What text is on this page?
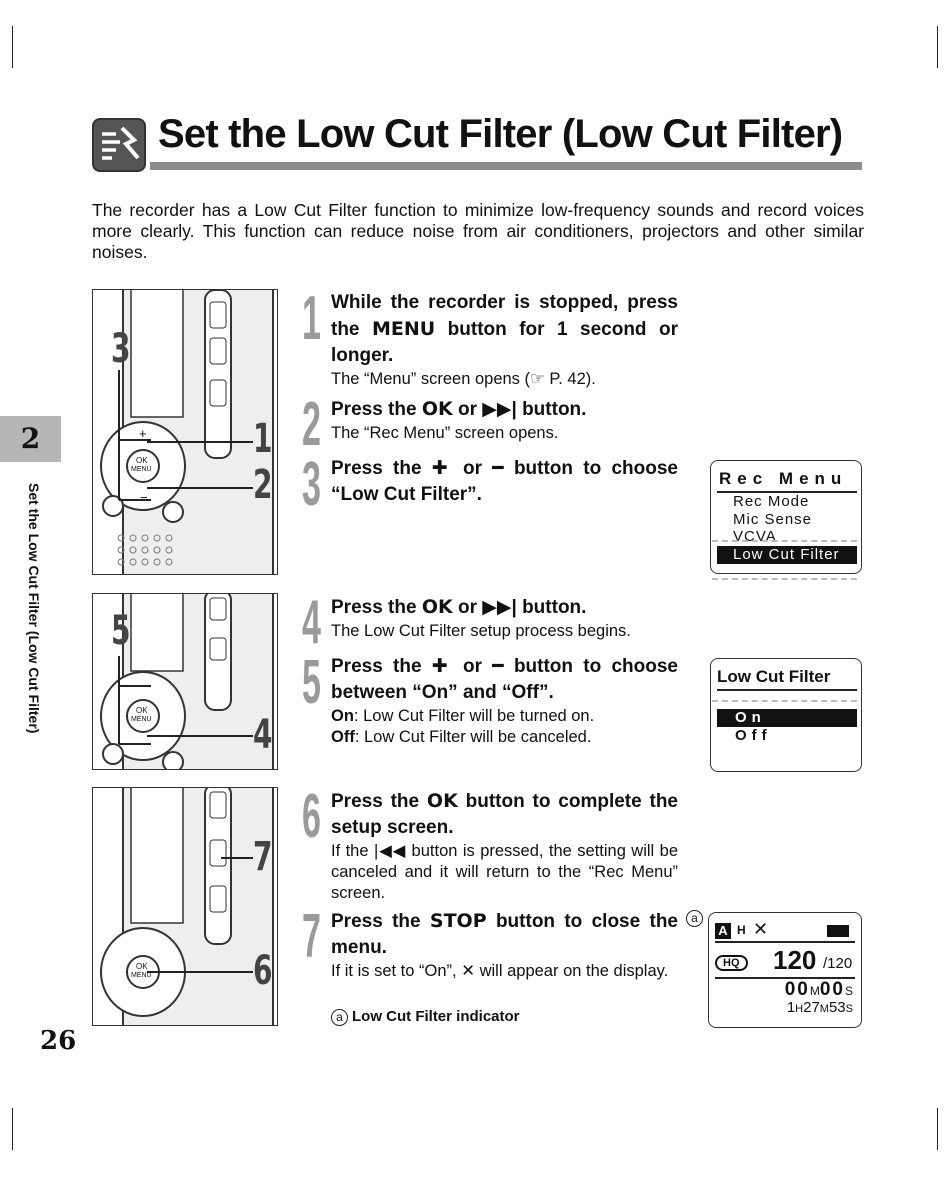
Set the Low Cut Filter (Low Cut Filter)

The recorder has a Low Cut Filter function to minimize low-frequency sounds and record voices more clearly. This function can reduce noise from air conditioners, projectors and other similar noises.

2
Set the Low Cut Filter (Low Cut Filter)
26
OK
MENU
+
−
3
1
2
OK
MENU
5
4
OK
MENU
7
6
1 While the recorder is stopped, press the MENU button for 1 second or longer.
The “Menu” screen opens (☞ P. 42).
2 Press the OK or ▶▶| button.
The “Rec Menu” screen opens.
3 Press the ✚ or ━ button to choose “Low Cut Filter”.
4 Press the OK or ▶▶| button.
The Low Cut Filter setup process begins.
5 Press the ✚ or ━ button to choose between “On” and “Off”.
On: Low Cut Filter will be turned on.
Off: Low Cut Filter will be canceled.
6 Press the OK button to complete the setup screen.
If the |◀◀ button is pressed, the setting will be canceled and it will return to the “Rec Menu” screen.
7 Press the STOP button to close the menu.
If it is set to “On”, ✕ will appear on the display.
a Low Cut Filter indicator
Rec Menu
Rec Mode
Mic Sense
VCVA
Low Cut Filter
Low Cut Filter
On
Off
A H ✕
HQ	120 /120
00M00S
1H27M53S
a
